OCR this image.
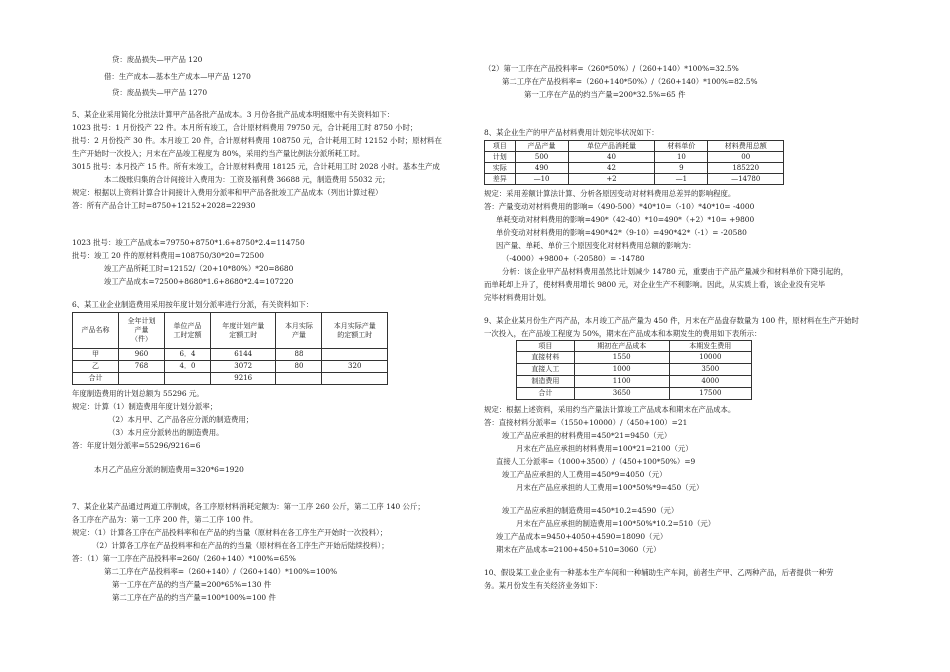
贷：废品损失—甲产品 120
借：生产成本—基本生产成本—甲产品 1270
贷：废品损失—甲产品 1270
5、某企业采用简化分批法计算甲产品各批产品成本。3 月份各批产品成本明细账中有关资料如下：
1023 批号：1 月份投产 22 件。本月所有竣工，合计原材料费用 79750 元，合计耗用工时 8750 小时；
批号：2 月份投产 30 件。本月竣工 20 件，合计原材料费用 108750 元，合计耗用工时 12152 小时；原材料在
生产开始时一次投入；月末在产品竣工程度为 80%，采用约当产量比例法分派所耗工时。
3015 批号：本月投产 15 件。所有未竣工，合计原材料费用 18125 元，合计耗用工时 2028 小时。基本生产成
本二级账归集的合计间接计入费用为：工资及福利费 36688 元，制造费用 55032 元；
规定：根据以上资料计算合计间接计入费用分派率和甲产品各批竣工产品成本（列出计算过程）
答：所有产品合计工时=8750+12152+2028=22930
1023 批号：竣工产品成本=79750+8750*1.6+8750*2.4=114750
批号：竣工 20 件的原材料费用=108750/30*20=72500
竣工产品所耗工时=12152/（20+10*80%）*20=8680
竣工产品成本=72500+8680*1.6+8680*2.4=107220
6、某工业企业制造费用采用按年度计划分派率进行分派，有关资料如下：
产品名称	全年计划
产量
（件）	单位产品
工时定额	年度计划产量
定额工时	本月实际
产量	本月实际产量
的定额工时
甲	960	6．4	6144	88	
乙	768	4．0	3072	80	320
合计			9216		
年度制造费用的计划总额为 55296 元。
规定：计算（1）制造费用年度计划分派率；
（2）本月甲、乙产品各应分派的制造费用；
（3）本月应分派转出的制造费用。
答：年度计划分派率=55296/9216=6
本月乙产品应分派的制造费用=320*6=1920
7、某企业某产品通过两道工序制成，各工序原材料消耗定额为：第一工序 260 公斤，第二工序 140 公斤；
各工序在产品为：第一工序 200 件，第二工序 100 件。
规定：（1）计算各工序在产品投料率和在产品的约当量（原材料在各工序生产开始时一次投料）；
（2）计算各工序在产品投料率和在产品的约当量（原材料在各工序生产开始后陆续投料）；
答：（1）第一工序在产品投料率=260/（260+140）*100%=65%
第二工序在产品投料率=（260+140）/（260+140）*100%=100%
第一工序在产品的约当产量=200*65%=130 件
第二工序在产品的约当产量=100*100%=100 件
（2）第一工序在产品投料率=（260*50%）/（260+140）*100%=32.5%
第二工序在产品投料率=（260+140*50%）/（260+140）*100%=82.5%
第一工序在产品的约当产量=200*32.5%=65 件
8、某企业生产的甲产品材料费用计划完毕状况如下：
项目	产品产量	单位产品消耗量	材料单价	材料费用总额
计划	500	40	10	00
实际	490	42	9	185220
差异	—10	+2	—1	—14780
规定：采用差额计算法计算、分析各原因变动对材料费用总差异的影响程度。
答：产量变动对材料费用的影响=（490-500）*40*10=（-10）*40*10= -4000
单耗变动对材料费用的影响=490*（42-40）*10=490*（+2）*10= +9800
单价变动对材料费用的影响=490*42*（9-10）=490*42*（-1）= -20580
因产量、单耗、单价三个原因变化对材料费用总额的影响为：
（-4000）+9800+（-20580）= -14780
分析：该企业甲产品材料费用虽然比计划减少 14780 元，重要由于产品产量减少和材料单价下降引起的，
而单耗却上升了，使材料费用增长 9800 元，对企业生产不利影响。因此，从实质上看，该企业没有完毕
完毕材料费用计划。
9、某企业某月份生产丙产品，本月竣工产品产量为 450 件，月末在产品盘存数量为 100 件，原材料在生产开始时
一次投入，在产品竣工程度为 50%，期末在产品成本和本期发生的费用如下表所示：
项目	期初在产品成本	本期发生费用
直接材料	1550	10000
直接人工	1000	3500
制造费用	1100	4000
合计	3650	17500
规定：根据上述资料，采用约当产量法计算竣工产品成本和期末在产品成本。
答：直接材料分派率=（1550+10000）/（450+100）=21
竣工产品应承担的材料费用=450*21=9450（元）
月末在产品应承担的材料费用=100*21=2100（元）
直接人工分派率=（1000+3500）/（450+100*50%）=9
竣工产品应承担的人工费用=450*9=4050（元）
月末在产品应承担的人工费用=100*50%*9=450（元）
竣工产品应承担的制造费用=450*10.2=4590（元）
月末在产品应承担的制造费用=100*50%*10.2=510（元）
竣工产品成本=9450+4050+4590=18090（元）
期末在产品成本=2100+450+510=3060（元）
10、假设某工业企业有一种基本生产车间和一种辅助生产车间，前者生产甲、乙两种产品，后者提供一种劳
务。某月份发生有关经济业务如下：
